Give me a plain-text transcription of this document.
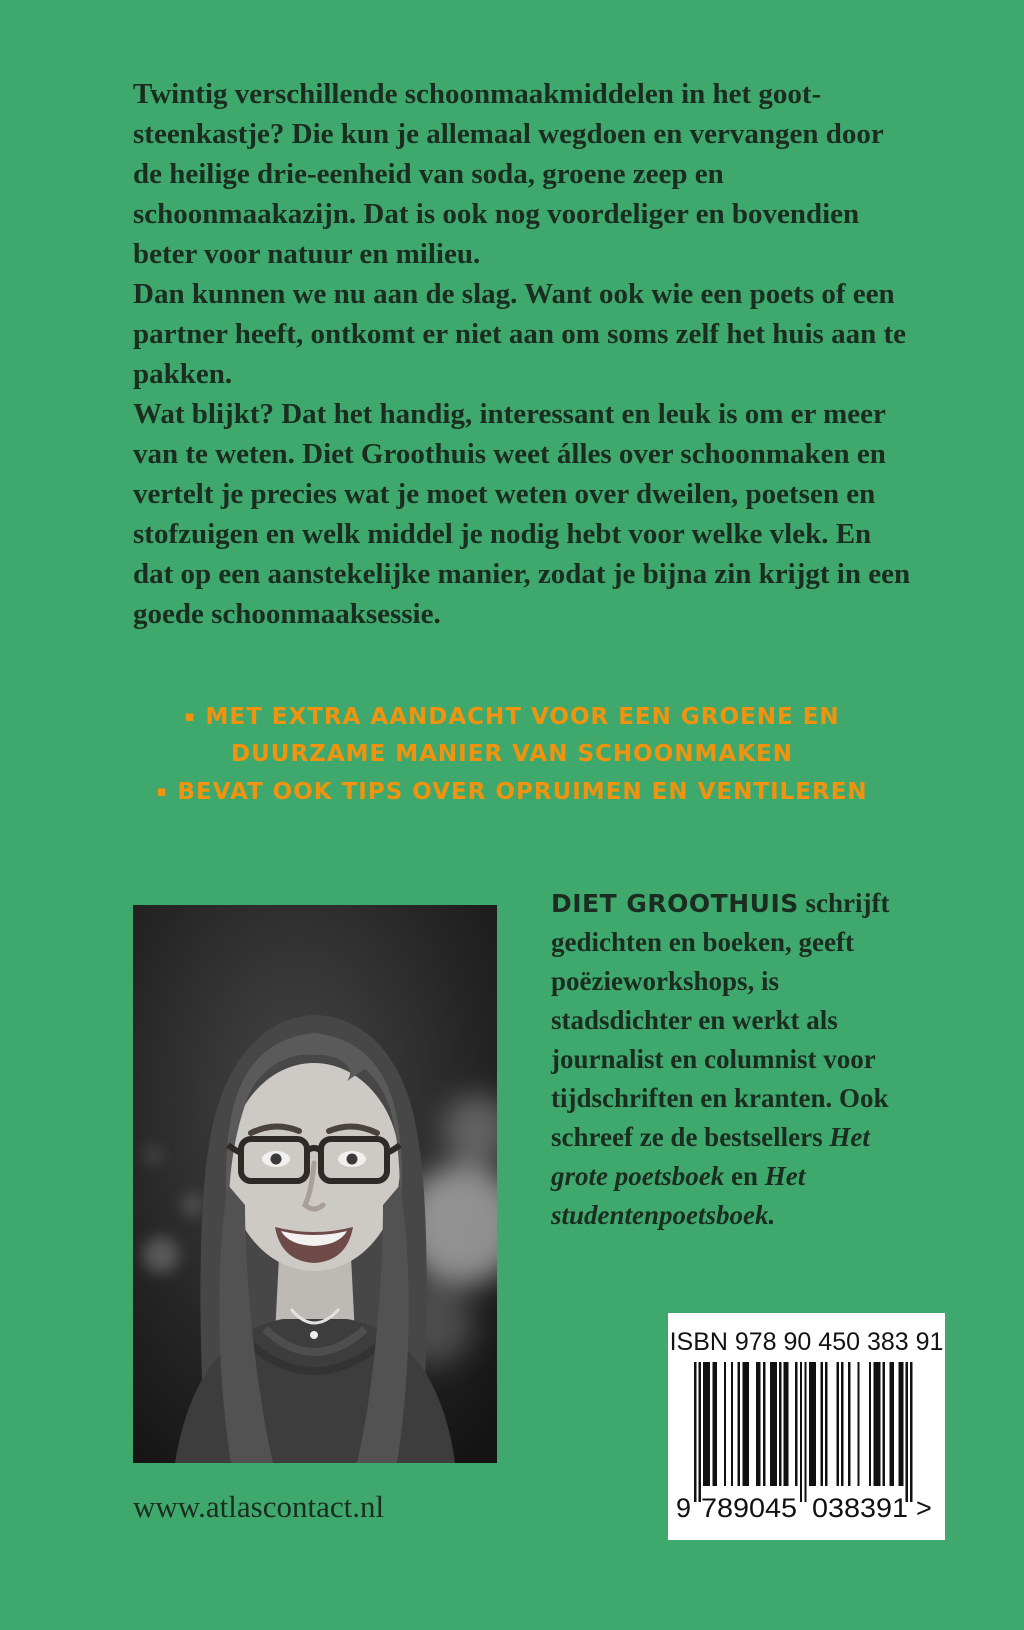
Twintig verschillende schoonmaakmiddelen in het gootsteenkastje? Die kun je allemaal wegdoen en vervangen door de heilige drie-eenheid van soda, groene zeep en schoonmaakazijn. Dat is ook nog voordeliger en bovendien beter voor natuur en milieu.

Dan kunnen we nu aan de slag. Want ook wie een poets of een partner heeft, ontkomt er niet aan om soms zelf het huis aan te pakken.

Wat blijkt? Dat het handig, interessant en leuk is om er meer van te weten. Diet Groothuis weet álles over schoonmaken en vertelt je precies wat je moet weten over dweilen, poetsen en stofzuigen en welk middel je nodig hebt voor welke vlek. En dat op een aanstekelijke manier, zodat je bijna zin krijgt in een goede schoonmaaksessie.

▪ MET EXTRA AANDACHT VOOR EEN GROENE EN DUURZAME MANIER VAN SCHOONMAKEN

▪ BEVAT OOK TIPS OVER OPRUIMEN EN VENTILEREN

DIET GROOTHUIS schrijft gedichten en boeken, geeft poëzieworkshops, is stadsdichter en werkt als journalist en columnist voor tijdschriften en kranten. Ook schreef ze de bestsellers Het grote poetsboek en Het studentenpoetsboek.

ISBN 978 90 450 383 91
9 789045 038391 >
www.atlascontact.nl
